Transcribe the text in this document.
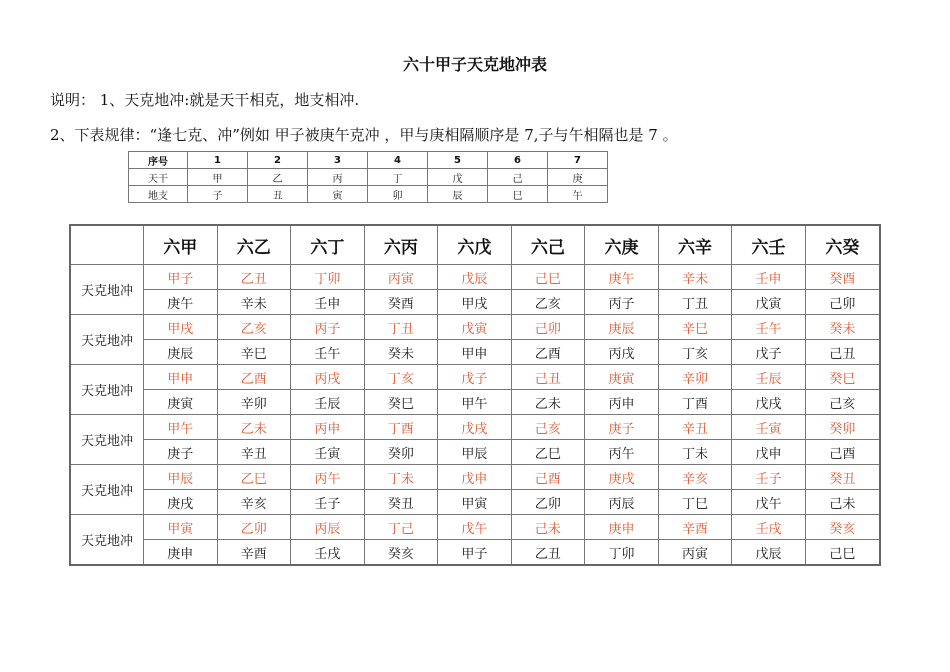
六十甲子天克地冲表
说明： 1、天克地冲:就是天干相克，地支相冲.
2、下表规律：“逢七克、冲”例如 甲子被庚午克冲 ，甲与庚相隔顺序是 7,子与午相隔也是 7 。
序号	1	2	3	4	5	6	7
天干	甲	乙	丙	丁	戊	己	庚
地支	子	丑	寅	卯	辰	巳	午
	六甲	六乙	六丁	六丙	六戊	六己	六庚	六辛	六壬	六癸
天克地冲	甲子	乙丑	丁卯	丙寅	戊辰	己巳	庚午	辛未	壬申	癸酉
	庚午	辛未	壬申	癸酉	甲戌	乙亥	丙子	丁丑	戊寅	己卯
天克地冲	甲戌	乙亥	丙子	丁丑	戊寅	己卯	庚辰	辛巳	壬午	癸未
	庚辰	辛巳	壬午	癸未	甲申	乙酉	丙戌	丁亥	戊子	己丑
天克地冲	甲申	乙酉	丙戌	丁亥	戊子	己丑	庚寅	辛卯	壬辰	癸巳
	庚寅	辛卯	壬辰	癸巳	甲午	乙未	丙申	丁酉	戊戌	己亥
天克地冲	甲午	乙未	丙申	丁酉	戊戌	己亥	庚子	辛丑	壬寅	癸卯
	庚子	辛丑	壬寅	癸卯	甲辰	乙巳	丙午	丁未	戊申	己酉
天克地冲	甲辰	乙巳	丙午	丁未	戊申	己酉	庚戌	辛亥	壬子	癸丑
	庚戌	辛亥	壬子	癸丑	甲寅	乙卯	丙辰	丁巳	戊午	己未
天克地冲	甲寅	乙卯	丙辰	丁己	戊午	己未	庚申	辛酉	壬戌	癸亥
	庚申	辛酉	壬戌	癸亥	甲子	乙丑	丁卯	丙寅	戊辰	己巳
